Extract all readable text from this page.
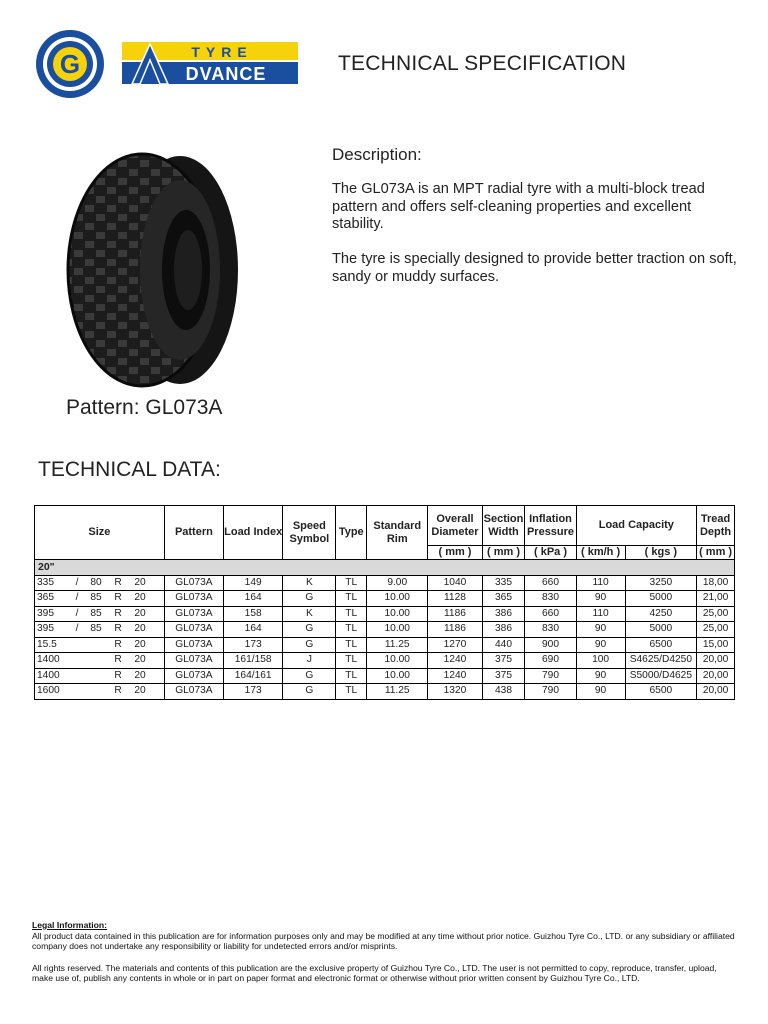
G	TYRE
DVANCE	TECHNICAL SPECIFICATION
Pattern: GL073A
Description:
The GL073A is an MPT radial tyre with a multi-block tread pattern and offers self-cleaning properties and excellent stability.
The tyre is specially designed to provide better traction on soft, sandy or muddy surfaces.
TECHNICAL DATA:
Size	Pattern	Load Index	Speed Symbol	Type	Standard Rim	Overall Diameter	Section Width	Inflation Pressure	Load Capacity		Tread Depth
						( mm )	( mm )	( kPa )	( km/h )	( kgs )	( mm )
20"											
335 / 80 R 20	GL073A	149	K	TL	9.00	1040	335	660	110	3250	18,00
365 / 85 R 20	GL073A	164	G	TL	10.00	1128	365	830	90	5000	21,00
395 / 85 R 20	GL073A	158	K	TL	10.00	1186	386	660	110	4250	25,00
395 / 85 R 20	GL073A	164	G	TL	10.00	1186	386	830	90	5000	25,00
15.5 R 20	GL073A	173	G	TL	11.25	1270	440	900	90	6500	15,00
1400 R 20	GL073A	161/158	J	TL	10.00	1240	375	690	100	S4625/D4250	20,00
1400 R 20	GL073A	164/161	G	TL	10.00	1240	375	790	90	S5000/D4625	20,00
1600 R 20	GL073A	173	G	TL	11.25	1320	438	790	90	6500	20,00

Legal Information:

All product data contained in this publication are for information purposes only and may be modified at any time without prior notice. Guizhou Tyre Co., LTD. or any subsidiary or affiliated company does not undertake any responsibility or liability for undetected errors and/or misprints.

All rights reserved. The materials and contents of this publication are the exclusive property of Guizhou Tyre Co., LTD. The user is not permitted to copy, reproduce, transfer, upload, make use of, publish any contents in whole or in part on paper format and electronic format or otherwise without prior written consent by Guizhou Tyre Co., LTD.
